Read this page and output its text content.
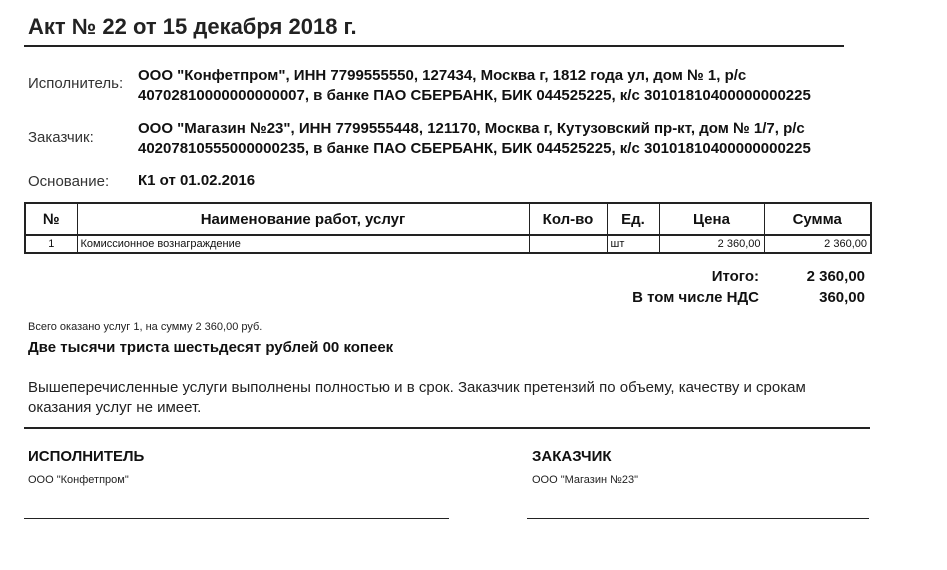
Акт № 22 от 15 декабря 2018 г.
Исполнитель: ООО "Конфетпром", ИНН 7799555550, 127434, Москва г, 1812 года ул, дом № 1, р/с
40702810000000000007, в банке ПАО СБЕРБАНК, БИК 044525225, к/с 30101810400000000225
Заказчик:
ООО "Магазин №23", ИНН 7799555448, 121170, Москва г, Кутузовский пр-кт, дом № 1/7, р/с
40207810555000000235, в банке ПАО СБЕРБАНК, БИК 044525225, к/с 30101810400000000225
Основание: К1 от 01.02.2016
№	Наименование работ, услуг	Кол-во	Ед.	Цена	Сумма
1	Комиссионное вознаграждение		шт	2 360,00	2 360,00
Итого:	2 360,00
В том числе НДС	360,00
Всего оказано услуг 1, на сумму 2 360,00 руб.
Две тысячи триста шестьдесят рублей 00 копеек
Вышеперечисленные услуги выполнены полностью и в срок. Заказчик претензий по объему, качеству и срокам
оказания услуг не имеет.
ИСПОЛНИТЕЛЬ
ООО "Конфетпром"
ЗАКАЗЧИК
ООО "Магазин №23"
